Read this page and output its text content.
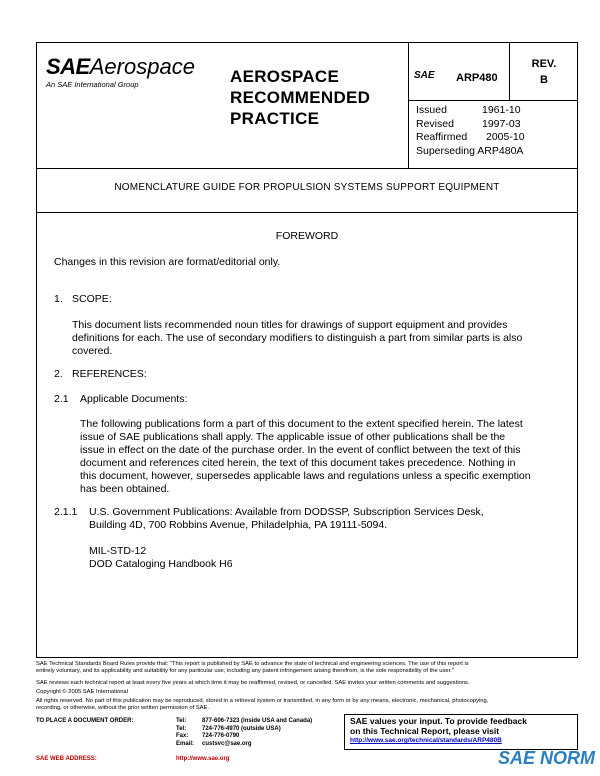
SAEAerospace
An SAE International Group	AEROSPACE
RECOMMENDED
PRACTICE
SAE ARP480
REV.
B
Issued	1961-10
Revised	1997-03
Reaffirmed 2005-10
Superseding ARP480A
NOMENCLATURE GUIDE FOR PROPULSION SYSTEMS SUPPORT EQUIPMENT
FOREWORD
Changes in this revision are format/editorial only.
1. SCOPE:
This document lists recommended noun titles for drawings of support equipment and provides
definitions for each. The use of secondary modifiers to distinguish a part from similar parts is also
covered.
2. REFERENCES:
2.1 Applicable Documents:
The following publications form a part of this document to the extent specified herein. The latest
issue of SAE publications shall apply. The applicable issue of other publications shall be the
issue in effect on the date of the purchase order. In the event of conflict between the text of this
document and references cited herein, the text of this document takes precedence. Nothing in
this document, however, supersedes applicable laws and regulations unless a specific exemption
has been obtained.
2.1.1 U.S. Government Publications: Available from DODSSP, Subscription Services Desk,
Building 4D, 700 Robbins Avenue, Philadelphia, PA 19111-5094.
MIL-STD-12
DOD Cataloging Handbook H6
SAE Technical Standards Board Rules provide that: "This report is published by SAE to advance the state of technical and engineering sciences. The use of this report is
entirely voluntary, and its applicability and suitability for any particular use, including any patent infringement arising therefrom, is the sole responsibility of the user."
SAE reviews each technical report at least every five years at which time it may be reaffirmed, revised, or cancelled. SAE invites your written comments and suggestions.
Copyright © 2005 SAE International
All rights reserved. No part of this publication may be reproduced, stored in a retrieval system or transmitted, in any form or by any means, electronic, mechanical, photocopying,
recording, or otherwise, without the prior written permission of SAE.
TO PLACE A DOCUMENT ORDER:	Tel:	877-606-7323 (inside USA and Canada)
Tel:	724-776-4970 (outside USA)
Fax: 724-776-0790
Email: custsvc@sae.org
SAE WEB ADDRESS:	http://www.sae.org
SAE values your input. To provide feedback
on this Technical Report, please visit
http://www.sae.org/technical/standards/ARP480B
SAE NORM
